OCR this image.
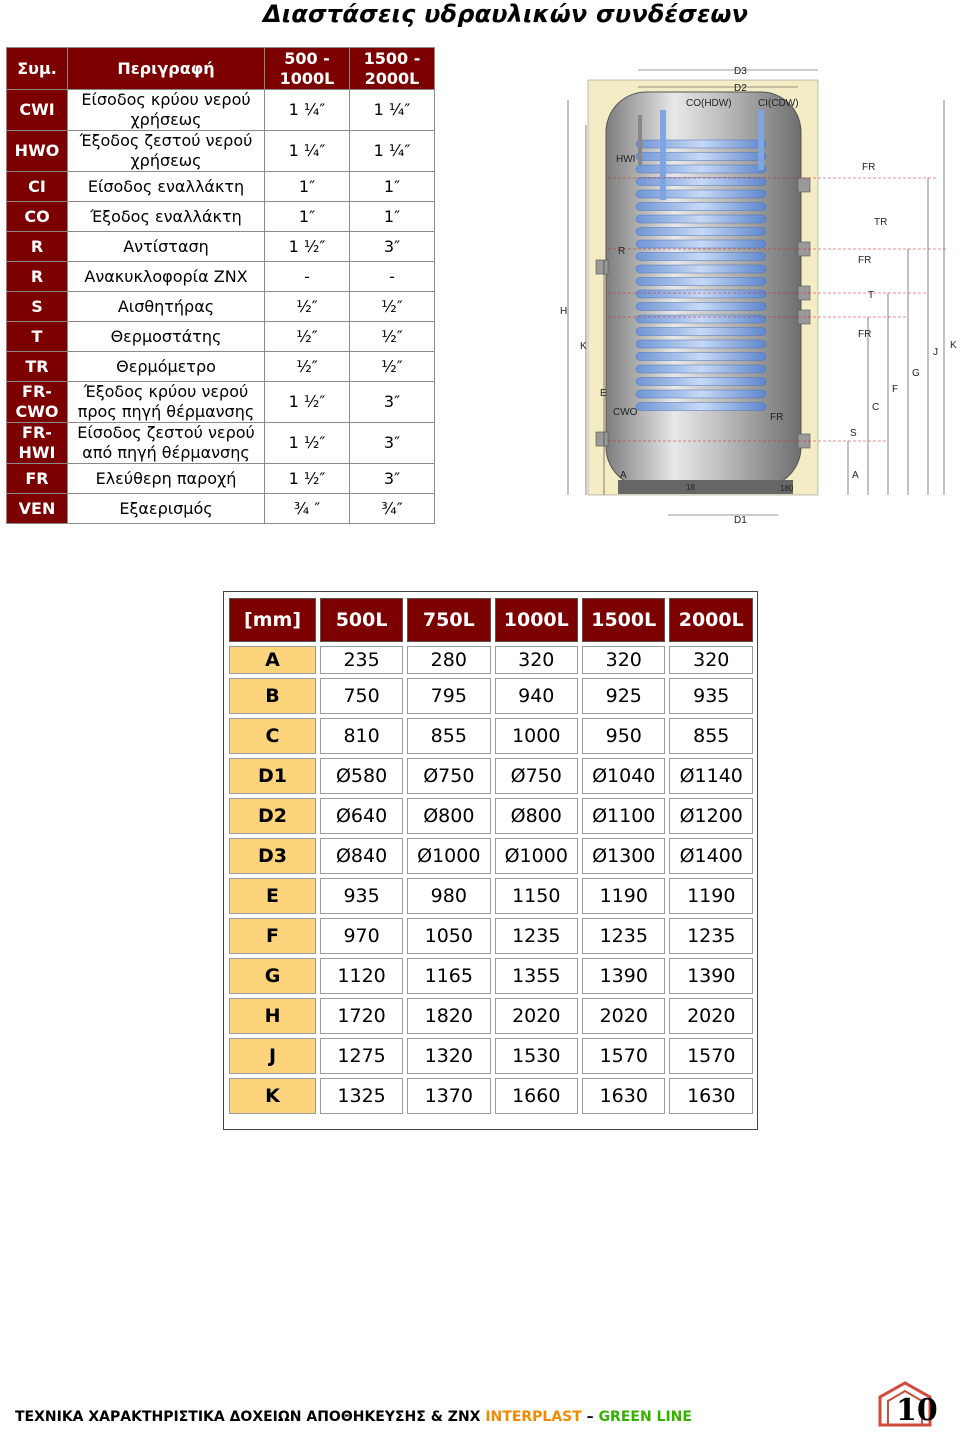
Διαστάσεις υδραυλικών συνδέσεων
Συμ.	Περιγραφή	500 - 1000L	1500 - 2000L
CWI	Είσοδος κρύου νερού χρήσεως	1 ¼″	1 ¼″
HWO	Έξοδος ζεστού νερού χρήσεως	1 ¼″	1 ¼″
CI	Είσοδος εναλλάκτη	1″	1″
CO	Έξοδος εναλλάκτη	1″	1″
R	Αντίσταση	1 ½″	3″
R	Ανακυκλοφορία ΖΝΧ	-	-
S	Αισθητήρας	½″	½″
T	Θερμοστάτης	½″	½″
TR	Θερμόμετρο	½″	½″
FR-CWO	Έξοδος κρύου νερού προς πηγή θέρμανσης	1 ½″	3″
FR-HWI	Είσοδος ζεστού νερού από πηγή θέρμανσης	1 ½″	3″
FR	Ελεύθερη παροχή	1 ½″	3″
VEN	Εξαερισμός	¾ ″	¾″
D3
D2
D1
CO(HDW)	CI(CDW)
HWI
R
CWO
E
A	A
H
K	K
J
G
F
C
S
FR
TR
FR
T
FR
FR
18	180
[mm]	500L	750L	1000L	1500L	2000L
A	235	280	320	320	320
B	750	795	940	925	935
C	810	855	1000	950	855
D1	Ø580	Ø750	Ø750	Ø1040	Ø1140
D2	Ø640	Ø800	Ø800	Ø1100	Ø1200
D3	Ø840	Ø1000	Ø1000	Ø1300	Ø1400
E	935	980	1150	1190	1190
F	970	1050	1235	1235	1235
G	1120	1165	1355	1390	1390
H	1720	1820	2020	2020	2020
J	1275	1320	1530	1570	1570
K	1325	1370	1660	1630	1630
ΤΕΧΝΙΚΑ ΧΑΡΑΚΤΗΡΙΣΤΙΚΑ ΔΟΧΕΙΩΝ ΑΠΟΘΗΚΕΥΣΗΣ & ΖΝΧ INTERPLAST – GREEN LINE	10
